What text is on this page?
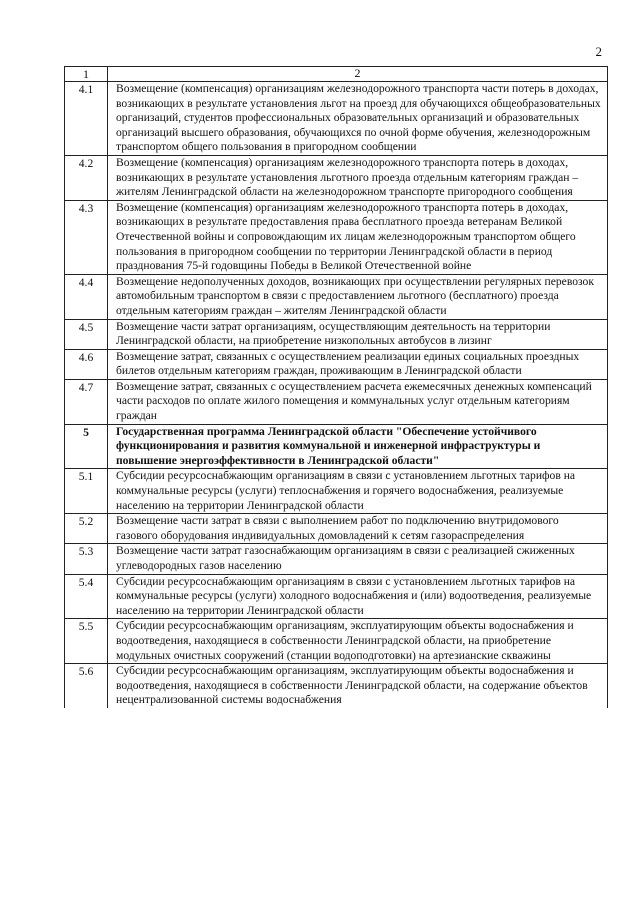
2
1	2
4.1	Возмещение (компенсация) организациям железнодорожного транспорта части потерь в доходах, возникающих в результате установления льгот на проезд для обучающихся общеобразовательных организаций, студентов профессиональных образовательных организаций и образовательных организаций высшего образования, обучающихся по очной форме обучения, железнодорожным транспортом общего пользования в пригородном сообщении
4.2	Возмещение (компенсация) организациям железнодорожного транспорта потерь в доходах, возникающих в результате установления льготного проезда отдельным категориям граждан – жителям Ленинградской области на железнодорожном транспорте пригородного сообщения
4.3	Возмещение (компенсация) организациям железнодорожного транспорта потерь в доходах, возникающих в результате предоставления права бесплатного проезда ветеранам Великой Отечественной войны и сопровождающим их лицам железнодорожным транспортом общего пользования в пригородном сообщении по территории Ленинградской области в период празднования 75-й годовщины Победы в Великой Отечественной войне
4.4	Возмещение недополученных доходов, возникающих при осуществлении регулярных перевозок автомобильным транспортом в связи с предоставлением льготного (бесплатного) проезда отдельным категориям граждан – жителям Ленинградской области
4.5	Возмещение части затрат организациям, осуществляющим деятельность на территории Ленинградской области, на приобретение низкопольных автобусов в лизинг
4.6	Возмещение затрат, связанных с осуществлением реализации единых социальных проездных билетов отдельным категориям граждан, проживающим в Ленинградской области
4.7	Возмещение затрат, связанных с осуществлением расчета ежемесячных денежных компенсаций части расходов по оплате жилого помещения и коммунальных услуг отдельным категориям граждан
5	Государственная программа Ленинградской области "Обеспечение устойчивого функционирования и развития коммунальной и инженерной инфраструктуры и повышение энергоэффективности в Ленинградской области"
5.1	Субсидии ресурсоснабжающим организациям в связи с установлением льготных тарифов на коммунальные ресурсы (услуги) теплоснабжения и горячего водоснабжения, реализуемые населению на территории Ленинградской области
5.2	Возмещение части затрат в связи с выполнением работ по подключению внутридомового газового оборудования индивидуальных домовладений к сетям газораспределения
5.3	Возмещение части затрат газоснабжающим организациям в связи с реализацией сжиженных углеводородных газов населению
5.4	Субсидии ресурсоснабжающим организациям в связи с установлением льготных тарифов на коммунальные ресурсы (услуги) холодного водоснабжения и (или) водоотведения, реализуемые населению на территории Ленинградской области
5.5	Субсидии ресурсоснабжающим организациям, эксплуатирующим объекты водоснабжения и водоотведения, находящиеся в собственности Ленинградской области, на приобретение модульных очистных сооружений (станции водоподготовки) на артезианские скважины
5.6	Субсидии ресурсоснабжающим организациям, эксплуатирующим объекты водоснабжения и водоотведения, находящиеся в собственности Ленинградской области, на содержание объектов нецентрализованной системы водоснабжения
